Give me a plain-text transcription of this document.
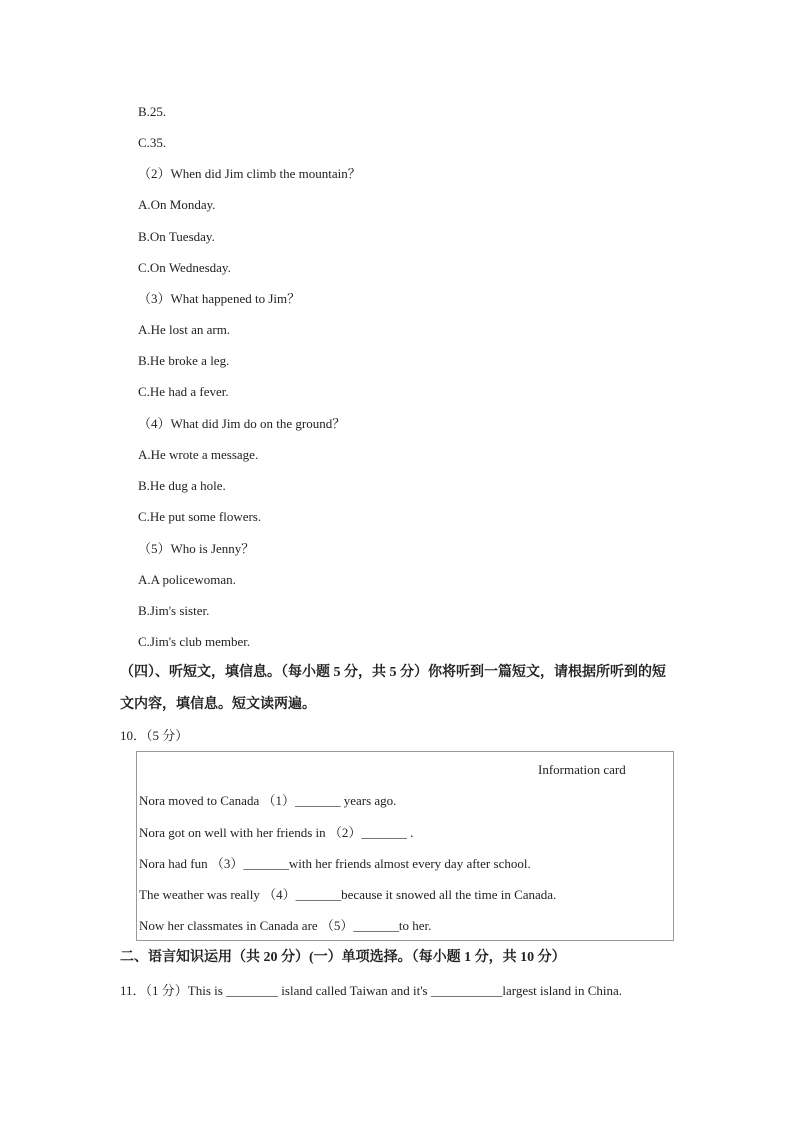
B.25.
C.35.
（2）When did Jim climb the mountain？
A.On Monday.
B.On Tuesday.
C.On Wednesday.
（3）What happened to Jim？
A.He lost an arm.
B.He broke a leg.
C.He had a fever.
（4）What did Jim do on the ground？
A.He wrote a message.
B.He dug a hole.
C.He put some flowers.
（5）Who is Jenny？
A.A policewoman.
B.Jim's sister.
C.Jim's club member.
（四）、听短文，填信息。（每小题 5 分，共 5 分）你将听到一篇短文，请根据所听到的短
文内容，填信息。短文读两遍。
10．（5 分）
Information card
Nora moved to Canada （1）_______ years ago.
Nora got on well with her friends in （2）_______ .
Nora had fun （3）_______with her friends almost every day after school.
The weather was really （4）_______because it snowed all the time in Canada.
Now her classmates in Canada are （5）_______to her.
二、语言知识运用（共 20 分）(一）单项选择。（每小题 1 分，共 10 分）
11．（1 分）This is ________ island called Taiwan and it's ___________largest island in China.
